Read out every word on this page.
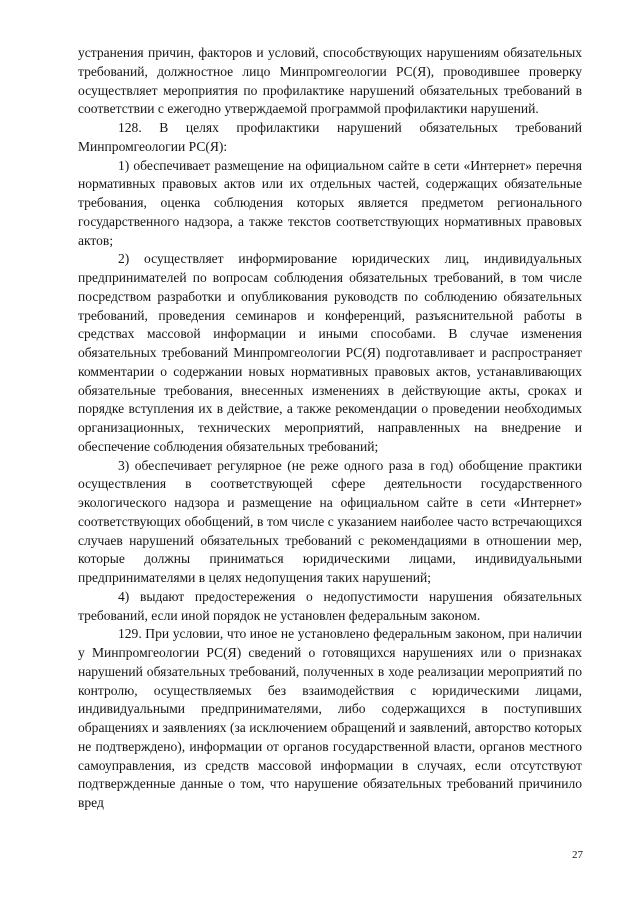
устранения причин, факторов и условий, способствующих нарушениям обязательных требований, должностное лицо Минпромгеологии РС(Я), проводившее проверку осуществляет мероприятия по профилактике нарушений обязательных требований в соответствии с ежегодно утверждаемой программой профилактики нарушений.

128. В целях профилактики нарушений обязательных требований Минпромгеологии РС(Я):

1) обеспечивает размещение на официальном сайте в сети «Интернет» перечня нормативных правовых актов или их отдельных частей, содержащих обязательные требования, оценка соблюдения которых является предметом регионального государственного надзора, а также текстов соответствующих нормативных правовых актов;

2) осуществляет информирование юридических лиц, индивидуальных предпринимателей по вопросам соблюдения обязательных требований, в том числе посредством разработки и опубликования руководств по соблюдению обязательных требований, проведения семинаров и конференций, разъяснительной работы в средствах массовой информации и иными способами. В случае изменения обязательных требований Минпромгеологии РС(Я) подготавливает и распространяет комментарии о содержании новых нормативных правовых актов, устанавливающих обязательные требования, внесенных изменениях в действующие акты, сроках и порядке вступления их в действие, а также рекомендации о проведении необходимых организационных, технических мероприятий, направленных на внедрение и обеспечение соблюдения обязательных требований;

3) обеспечивает регулярное (не реже одного раза в год) обобщение практики осуществления в соответствующей сфере деятельности государственного экологического надзора и размещение на официальном сайте в сети «Интернет» соответствующих обобщений, в том числе с указанием наиболее часто встречающихся случаев нарушений обязательных требований с рекомендациями в отношении мер, которые должны приниматься юридическими лицами, индивидуальными предпринимателями в целях недопущения таких нарушений;

4) выдают предостережения о недопустимости нарушения обязательных требований, если иной порядок не установлен федеральным законом.

129. При условии, что иное не установлено федеральным законом, при наличии у Минпромгеологии РС(Я) сведений о готовящихся нарушениях или о признаках нарушений обязательных требований, полученных в ходе реализации мероприятий по контролю, осуществляемых без взаимодействия с юридическими лицами, индивидуальными предпринимателями, либо содержащихся в поступивших обращениях и заявлениях (за исключением обращений и заявлений, авторство которых не подтверждено), информации от органов государственной власти, органов местного самоуправления, из средств массовой информации в случаях, если отсутствуют подтвержденные данные о том, что нарушение обязательных требований причинило вред

27
